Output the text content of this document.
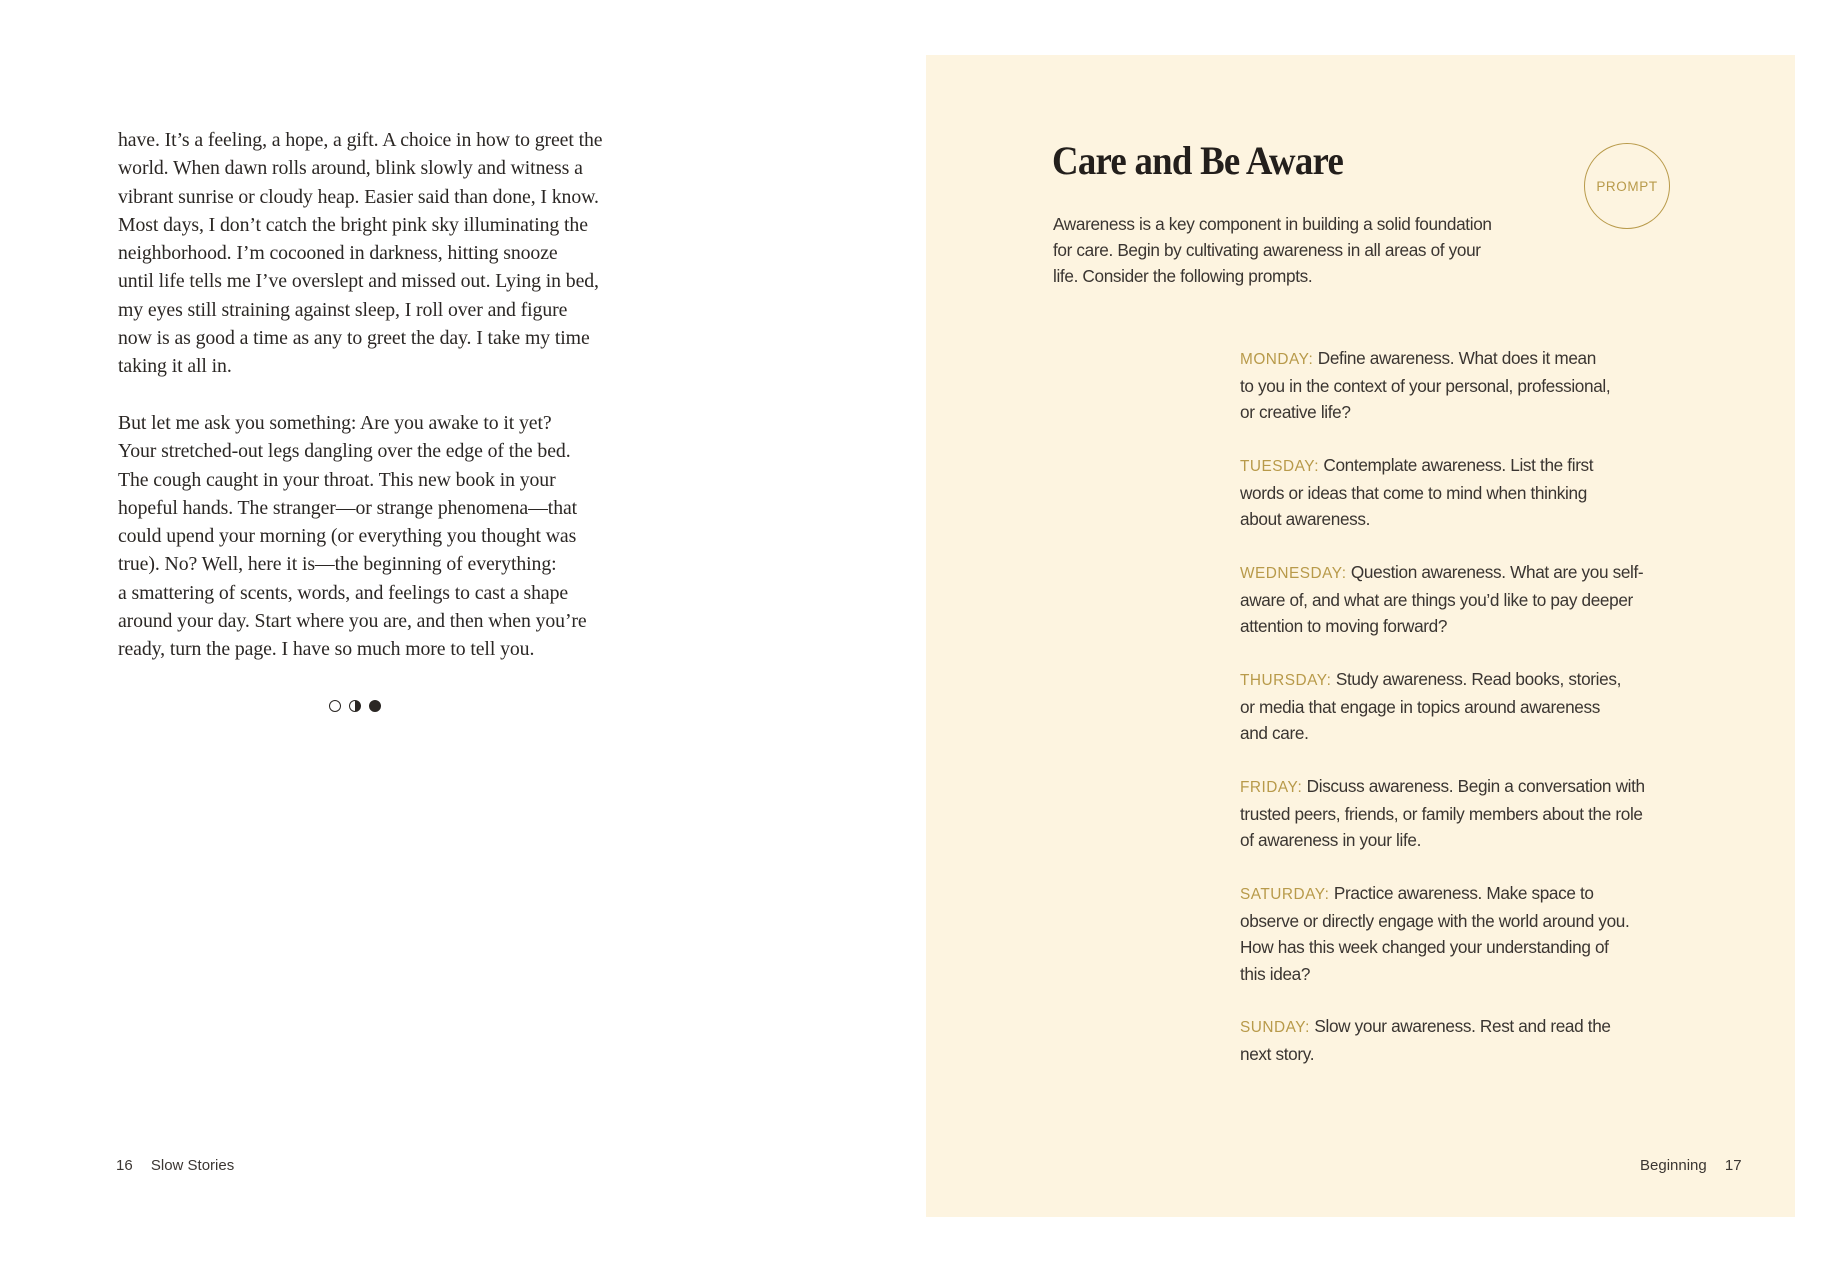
have. It’s a feeling, a hope, a gift. A choice in how to greet the
world. When dawn rolls around, blink slowly and witness a
vibrant sunrise or cloudy heap. Easier said than done, I know.
Most days, I don’t catch the bright pink sky illuminating the
neighborhood. I’m cocooned in darkness, hitting snooze
until life tells me I’ve overslept and missed out. Lying in bed,
my eyes still straining against sleep, I roll over and figure
now is as good a time as any to greet the day. I take my time
taking it all in.
But let me ask you something: Are you awake to it yet?
Your stretched-out legs dangling over the edge of the bed.
The cough caught in your throat. This new book in your
hopeful hands. The stranger—or strange phenomena—that
could upend your morning (or everything you thought was
true). No? Well, here it is—the beginning of everything:
a smattering of scents, words, and feelings to cast a shape
around your day. Start where you are, and then when you’re
ready, turn the page. I have so much more to tell you.
16 Slow Stories
Care and Be Aware
PROMPT
Awareness is a key component in building a solid foundation
for care. Begin by cultivating awareness in all areas of your
life. Consider the following prompts.
MONDAY: Define awareness. What does it mean
to you in the context of your personal, professional,
or creative life?
TUESDAY: Contemplate awareness. List the first
words or ideas that come to mind when thinking
about awareness.
WEDNESDAY: Question awareness. What are you self-
aware of, and what are things you’d like to pay deeper
attention to moving forward?
THURSDAY: Study awareness. Read books, stories,
or media that engage in topics around awareness
and care.
FRIDAY: Discuss awareness. Begin a conversation with
trusted peers, friends, or family members about the role
of awareness in your life.
SATURDAY: Practice awareness. Make space to
observe or directly engage with the world around you.
How has this week changed your understanding of
this idea?
SUNDAY: Slow your awareness. Rest and read the
next story.
Beginning 17
